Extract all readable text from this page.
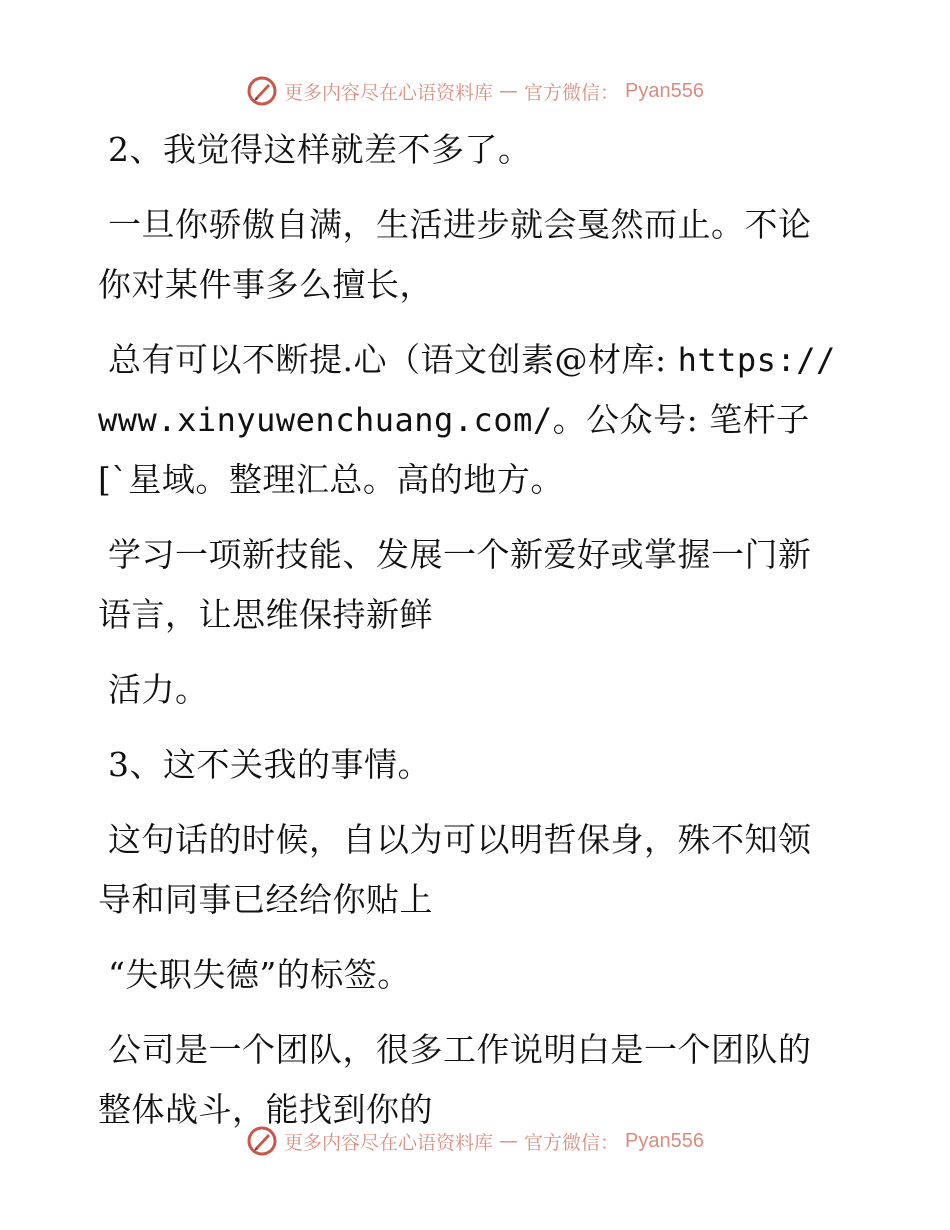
更多内容尽在心语资料库 — 官方微信： Pyan556

2、我觉得这样就差不多了。

一旦你骄傲自满，生活进步就会戛然而止。不论你对某件事多么擅长，

总有可以不断提.心（语文创素@材库: https://www.xinyuwenchuang.com/。公众号: 笔杆子[`星域。整理汇总。高的地方。

学习一项新技能、发展一个新爱好或掌握一门新语言，让思维保持新鲜

活力。

3、这不关我的事情。

这句话的时候，自以为可以明哲保身，殊不知领导和同事已经给你贴上

“失职失德”的标签。

公司是一个团队，很多工作说明白是一个团队的整体战斗，能找到你的

更多内容尽在心语资料库 — 官方微信： Pyan556
